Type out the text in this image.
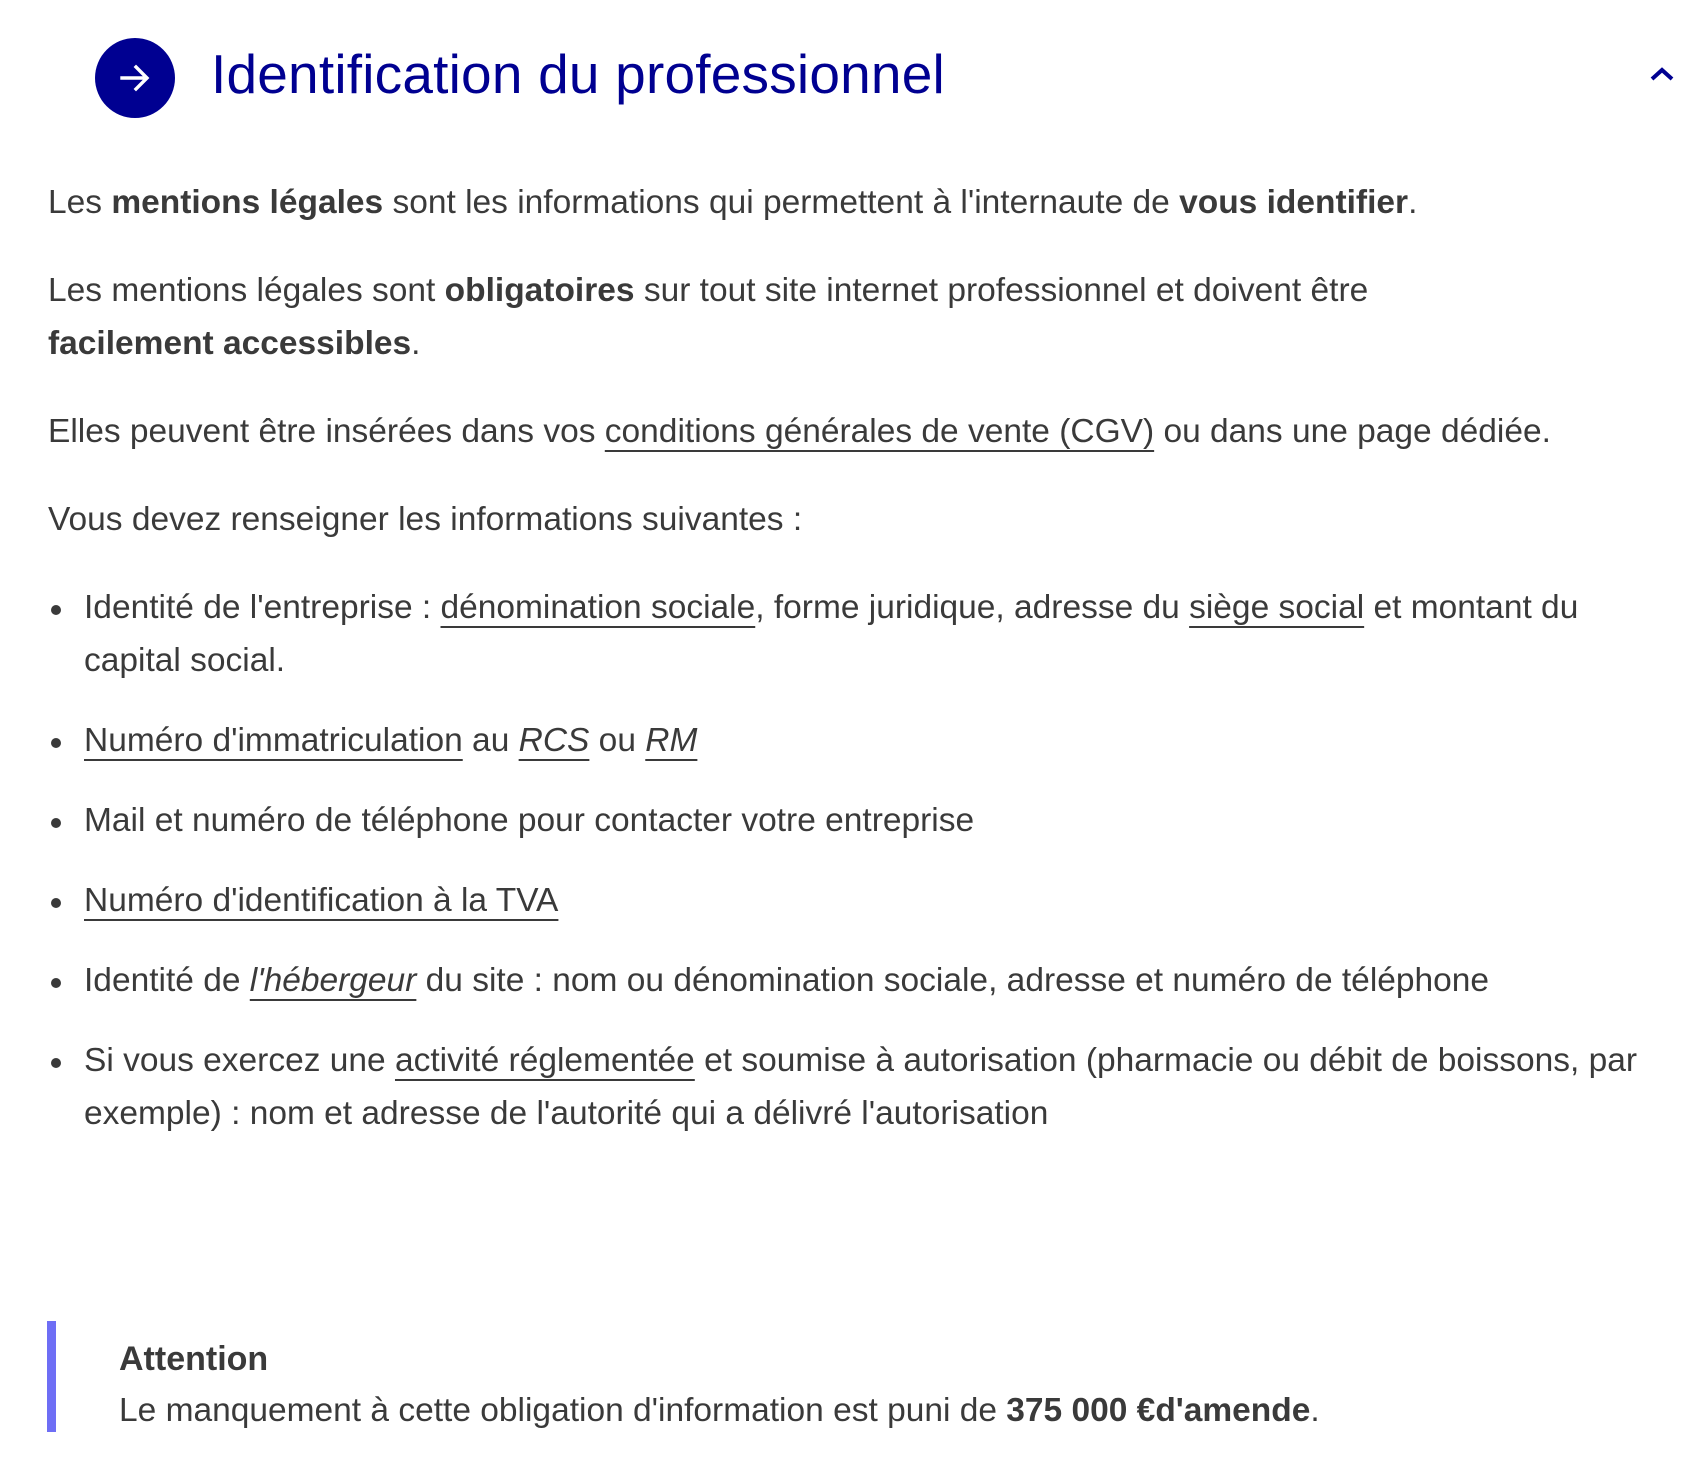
Identification du professionnel

Les mentions légales sont les informations qui permettent à l'internaute de vous identifier.

Les mentions légales sont obligatoires sur tout site internet professionnel et doivent être facilement accessibles.

Elles peuvent être insérées dans vos conditions générales de vente (CGV) ou dans une page dédiée.

Vous devez renseigner les informations suivantes :

Identité de l'entreprise : dénomination sociale, forme juridique, adresse du siège social et montant du capital social.
Numéro d'immatriculation au RCS ou RM
Mail et numéro de téléphone pour contacter votre entreprise
Numéro d'identification à la TVA
Identité de l'hébergeur du site : nom ou dénomination sociale, adresse et numéro de téléphone
Si vous exercez une activité réglementée et soumise à autorisation (pharmacie ou débit de boissons, par exemple) : nom et adresse de l'autorité qui a délivré l'autorisation
Attention
Le manquement à cette obligation d'information est puni de 375 000 €d'amende.
